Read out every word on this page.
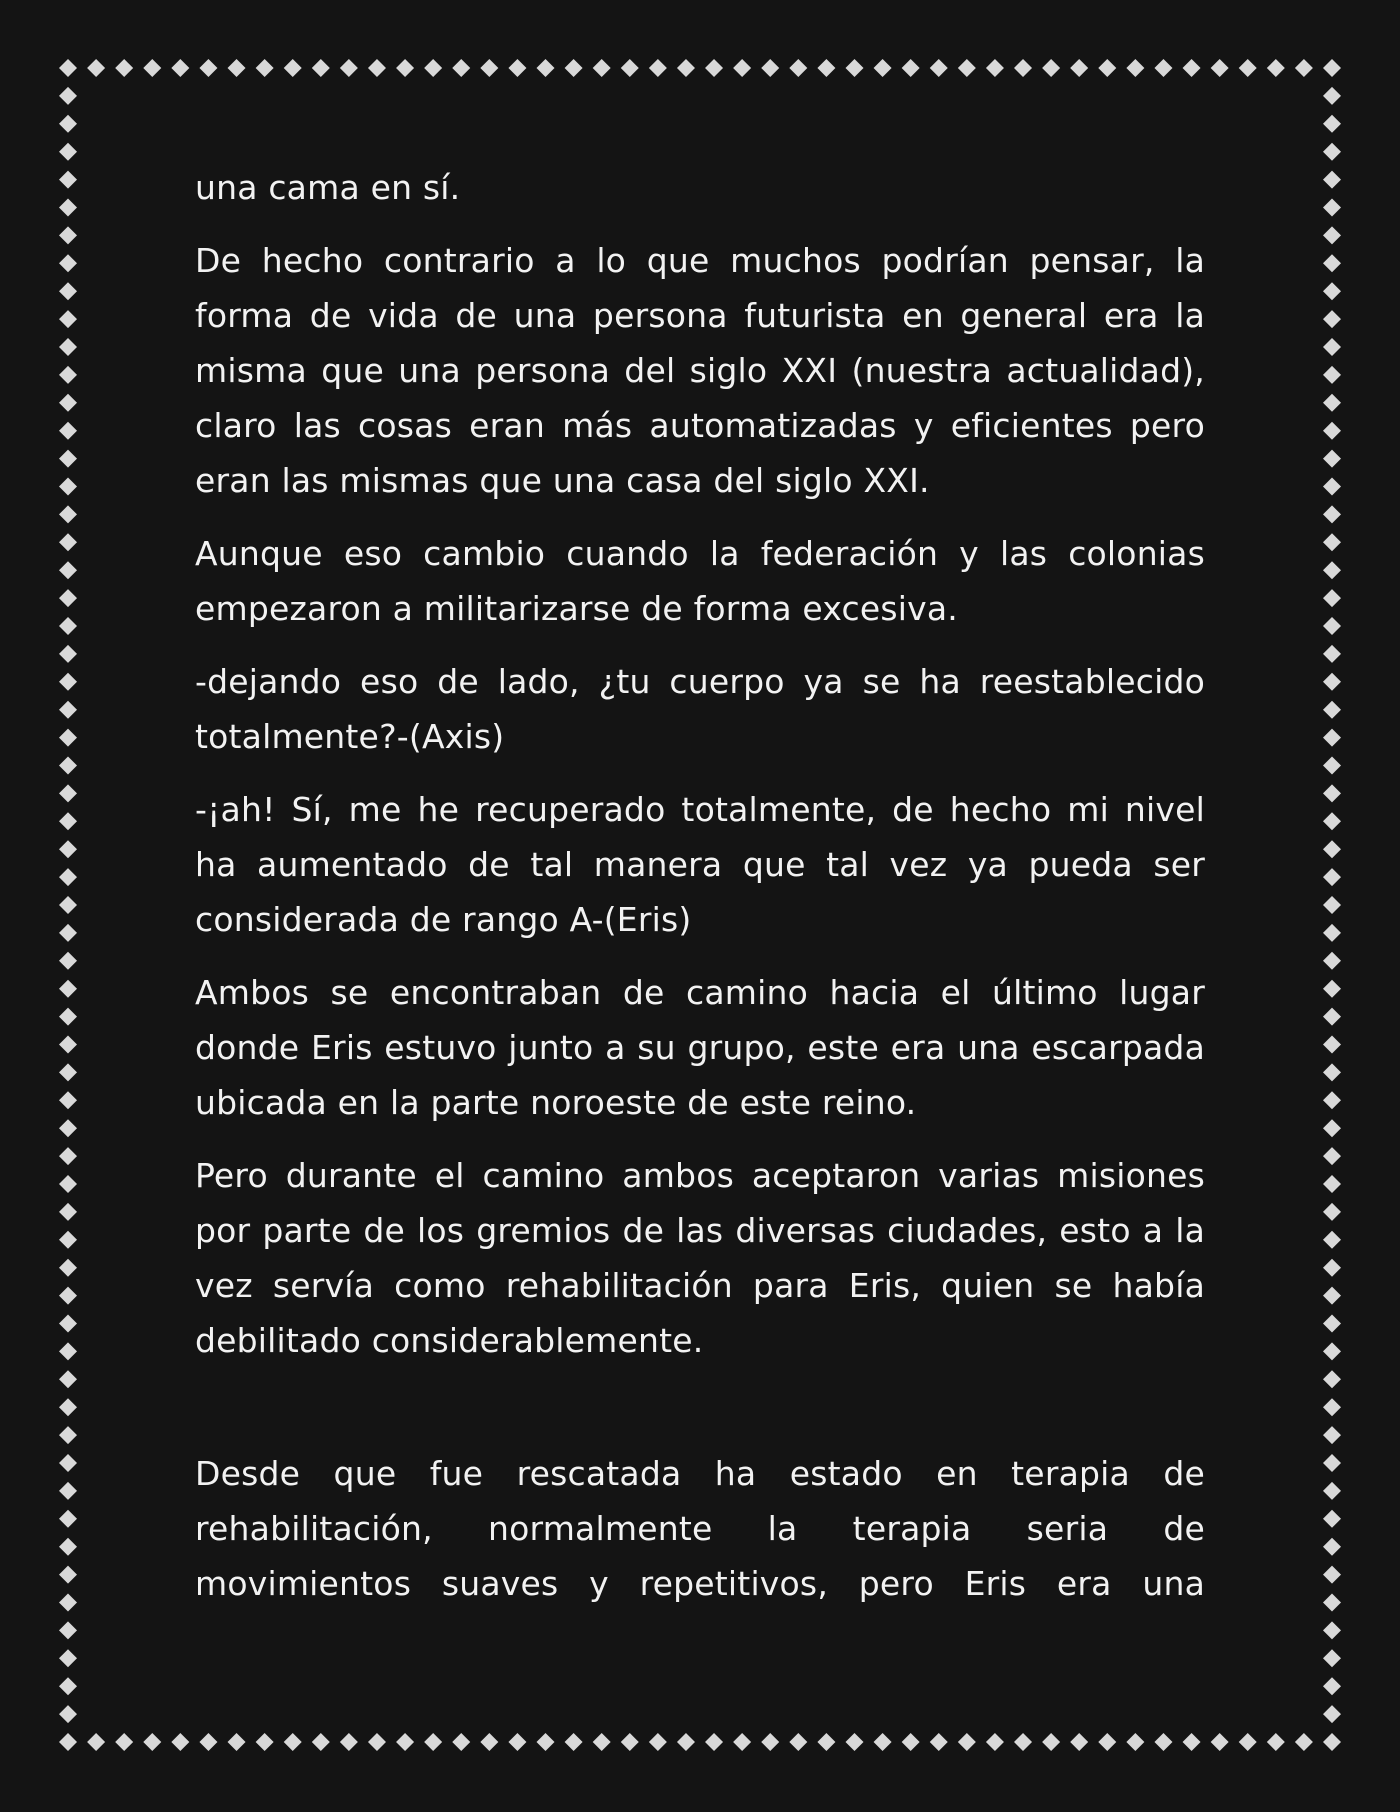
una cama en sí.

De hecho contrario a lo que muchos podrían pensar, la forma de vida de una persona futurista en general era la misma que una persona del siglo XXI (nuestra actualidad), claro las cosas eran más automatizadas y eficientes pero eran las mismas que una casa del siglo XXI.

Aunque eso cambio cuando la federación y las colonias empezaron a militarizarse de forma excesiva.

-dejando eso de lado, ¿tu cuerpo ya se ha reestablecido totalmente?-(Axis)

-¡ah! Sí, me he recuperado totalmente, de hecho mi nivel ha aumentado de tal manera que tal vez ya pueda ser considerada de rango A-(Eris)

Ambos se encontraban de camino hacia el último lugar donde Eris estuvo junto a su grupo, este era una escarpada ubicada en la parte noroeste de este reino.

Pero durante el camino ambos aceptaron varias misiones por parte de los gremios de las diversas ciudades, esto a la vez servía como rehabilitación para Eris, quien se había debilitado considerablemente.

Desde que fue rescatada ha estado en terapia de rehabilitación, normalmente la terapia seria de movimientos suaves y repetitivos, pero Eris era una
